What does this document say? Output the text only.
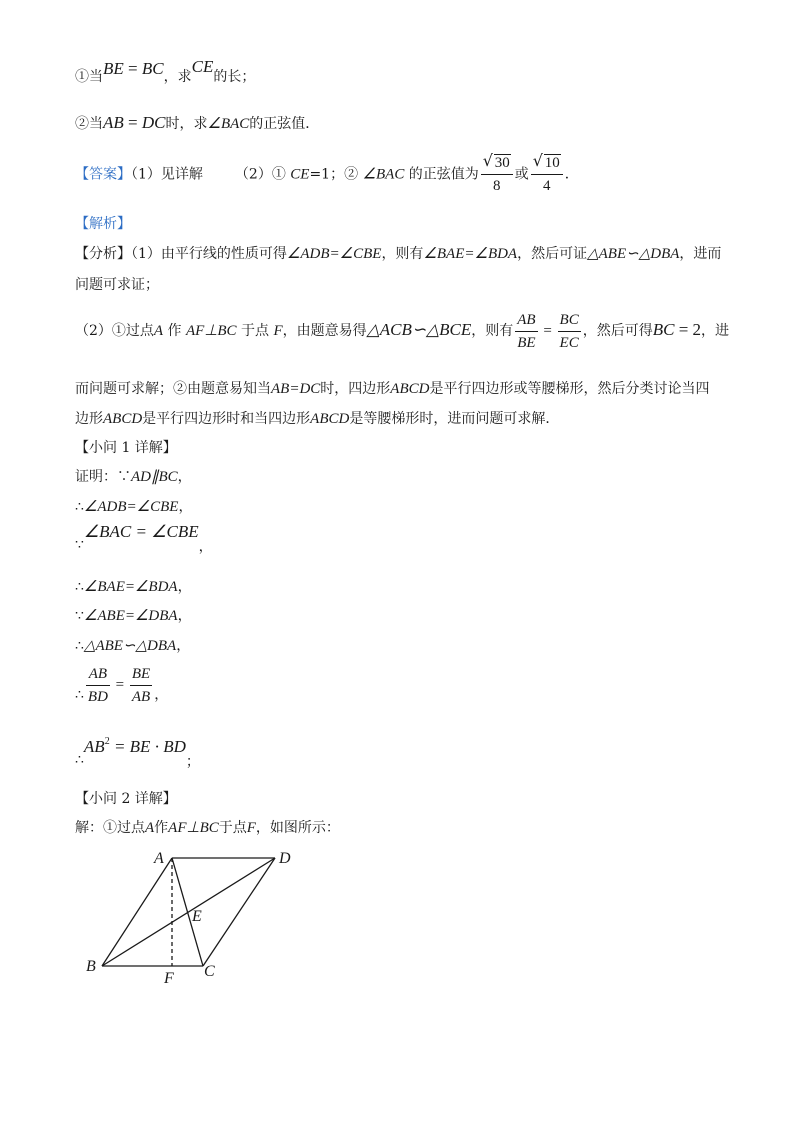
①当BE = BC，求CE的长；
②当AB = DC时，求∠BAC的正弦值．
【答案】（1）见详解 （2）① CE=1；② ∠BAC 的正弦值为 $\frac{√ 30}{8}$ 或 $\frac{√ 10}{4}$ ．
【解析】
【分析】（1）由平行线的性质可得∠ADB=∠CBE，则有∠BAE=∠BDA，然后可证△ABE∽△DBA，进而
问题可求证；
（2）①过点A 作 AF⊥BC 于点 F，由题意易得△ACB∽△BCE，则有 $\frac{AB}{BE} = \frac{BC}{EC}$ ，然后可得BC = 2，进
而问题可求解；②由题意易知当AB=DC时，四边形ABCD是平行四边形或等腰梯形，然后分类讨论当四
边形ABCD是平行四边形时和当四边形ABCD是等腰梯形时，进而问题可求解．
【小问 1 详解】
证明：∵AD∥BC，
∴∠ADB=∠CBE，
∵∠BAC = ∠CBE，
∴∠BAE=∠BDA，
∵∠ABE=∠DBA，
∴△ABE∽△DBA，
∴ $\frac{AB}{BD} = \frac{BE}{AB}$ ，
$\therefore AB^2$ = BE · BD；
【小问 2 详解】
解：①过点A作AF⊥BC于点F，如图所示：
A	D
E
B	C
F
